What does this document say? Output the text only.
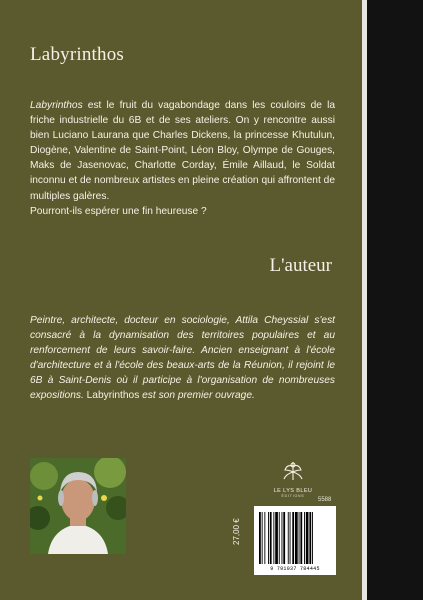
Labyrinthos
Labyrinthos est le fruit du vagabondage dans les couloirs de la friche industrielle du 6B et de ses ateliers. On y rencontre aussi bien Luciano Laurana que Charles Dickens, la princesse Khutulun, Diogène, Valentine de Saint-Point, Léon Bloy, Olympe de Gouges, Maks de Jasenovac, Charlotte Corday, Émile Aillaud, le Soldat inconnu et de nombreux artistes en pleine création qui affrontent de multiples galères.
Pourront-ils espérer une fin heureuse ?
L'auteur
Peintre, architecte, docteur en sociologie, Attila Cheyssial s'est consacré à la dynamisation des territoires populaires et au renforcement de leurs savoir-faire. Ancien enseignant à l'école d'architecture et à l'école des beaux-arts de la Réunion, il rejoint le 6B à Saint-Denis où il participe à l'organisation de nombreuses expositions. Labyrinthos est son premier ouvrage.
LE LYS BLEU
ÉDITIONS
5588
27,00 €
9 791037 784445
